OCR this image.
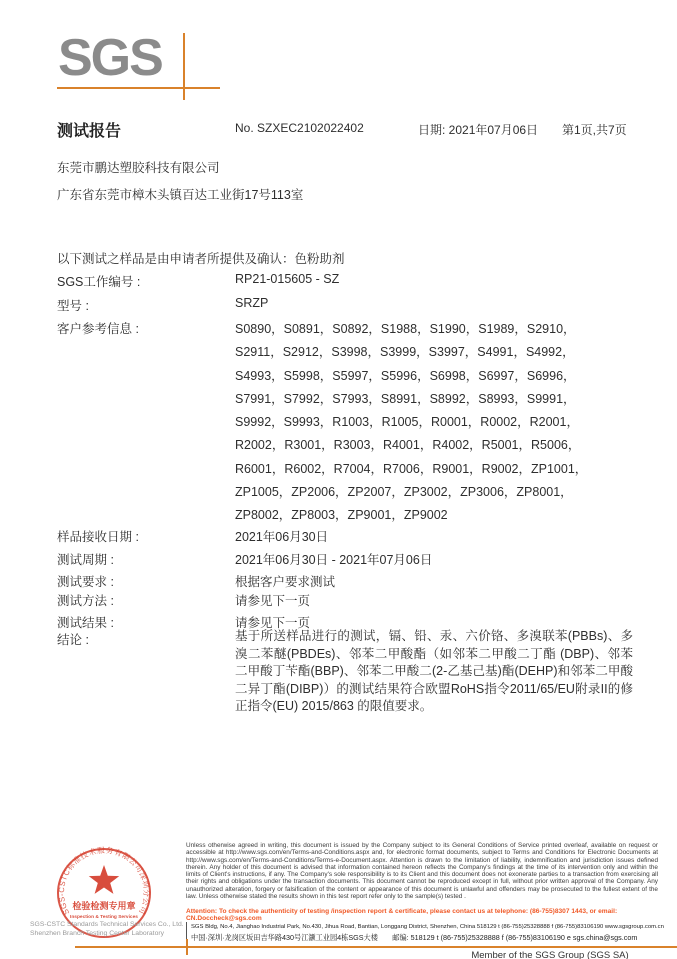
SGS
测试报告	No. SZXEC2102022402	日期: 2021年07月06日 第1页,共7页
东莞市鹏达塑胶科技有限公司
广东省东莞市樟木头镇百达工业街17号113室
以下测试之样品是由申请者所提供及确认：色粉助剂
SGS工作编号 :	RP21-015605 - SZ
型号 :	SRZP
客户参考信息 :	S0890，S0891，S0892，S1988，S1990，S1989，S2910，
S2911，S2912，S3998，S3999，S3997，S4991，S4992，
S4993，S5998，S5997，S5996，S6998，S6997，S6996，
S7991，S7992，S7993，S8991，S8992，S8993，S9991，
S9992，S9993，R1003，R1005，R0001，R0002，R2001，
R2002，R3001，R3003，R4001，R4002，R5001，R5006，
R6001，R6002，R7004，R7006，R9001，R9002，ZP1001，
ZP1005，ZP2006，ZP2007，ZP3002，ZP3006，ZP8001，
ZP8002，ZP8003，ZP9001，ZP9002
样品接收日期 :	2021年06月30日
测试周期 :	2021年06月30日 - 2021年07月06日
测试要求 :	根据客户要求测试
测试方法 :	请参见下一页
测试结果 :	请参见下一页
结论 :	基于所送样品进行的测试，镉、铅、汞、六价铬、多溴联苯(PBBs)、多溴二苯醚(PBDEs)、邻苯二甲酸酯（如邻苯二甲酸二丁酯 (DBP)、邻苯二甲酸丁苄酯(BBP)、邻苯二甲酸二(2-乙基己基)酯(DEHP)和邻苯二甲酸二异丁酯(DIBP)）的测试结果符合欧盟RoHS指令2011/65/EU附录II的修正指令(EU) 2015/863 的限值要求。
SGS-CSTC标准技术服务有限公司深圳分公司
检验检测专用章
Inspection & Testing Services
SGS-CSTC Standards Technical Services Co., Ltd.
Shenzhen Branch Testing Center Laboratory
Unless otherwise agreed in writing, this document is issued by the Company subject to its General Conditions of Service printed overleaf, available on request or accessible at http://www.sgs.com/en/Terms-and-Conditions.aspx and, for electronic format documents, subject to Terms and Conditions for Electronic Documents at http://www.sgs.com/en/Terms-and-Conditions/Terms-e-Document.aspx. Attention is drawn to the limitation of liability, indemnification and jurisdiction issues defined therein. Any holder of this document is advised that information contained hereon reflects the Company's findings at the time of its intervention only and within the limits of Client's instructions, if any. The Company's sole responsibility is to its Client and this document does not exonerate parties to a transaction from exercising all their rights and obligations under the transaction documents. This document cannot be reproduced except in full, without prior written approval of the Company. Any unauthorized alteration, forgery or falsification of the content or appearance of this document is unlawful and offenders may be prosecuted to the fullest extent of the law. Unless otherwise stated the results shown in this test report refer only to the sample(s) tested .
Attention: To check the authenticity of testing /inspection report & certificate, please contact us at telephone: (86-755)8307 1443, or email: CN.Doccheck@sgs.com
SGS Bldg, No.4, Jianghao Industrial Park, No.430, Jihua Road, Bantian, Longgang District, Shenzhen, China 518129 t (86-755)25328888 f (86-755)83106190 www.sgsgroup.com.cn
中国·深圳·龙岗区坂田吉华路430号江灏工业园4栋SGS大楼　　邮编: 518129 t (86-755)25328888 f (86-755)83106190 e sgs.china@sgs.com
Member of the SGS Group (SGS SA)
